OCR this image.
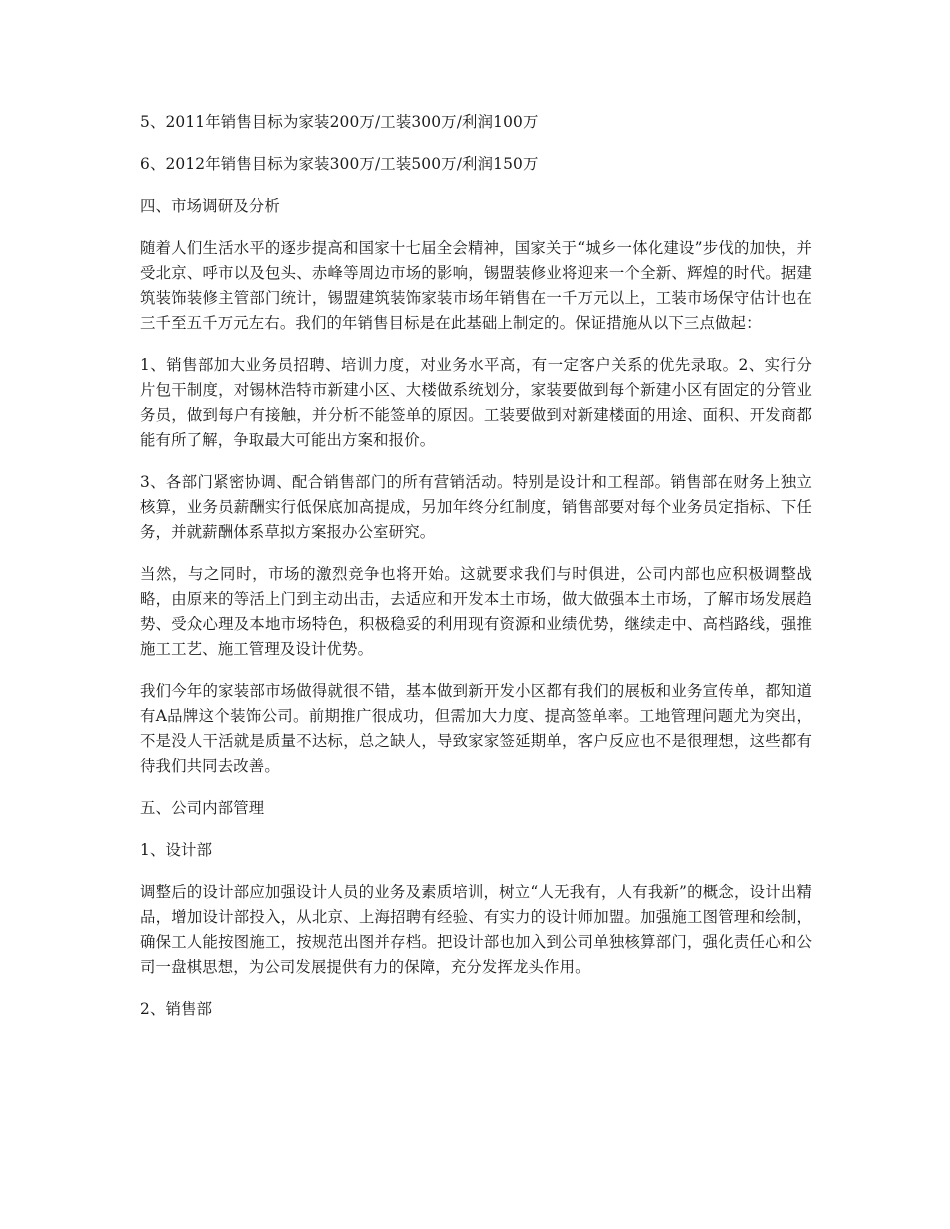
5、2011年销售目标为家装200万/工装300万/利润100万

6、2012年销售目标为家装300万/工装500万/利润150万

四、市场调研及分析

随着人们生活水平的逐步提高和国家十七届全会精神，国家关于“城乡一体化建设”步伐的加快，并受北京、呼市以及包头、赤峰等周边市场的影响，锡盟装修业将迎来一个全新、辉煌的时代。据建筑装饰装修主管部门统计，锡盟建筑装饰家装市场年销售在一千万元以上，工装市场保守估计也在三千至五千万元左右。我们的年销售目标是在此基础上制定的。保证措施从以下三点做起：

1、销售部加大业务员招聘、培训力度，对业务水平高，有一定客户关系的优先录取。2、实行分片包干制度，对锡林浩特市新建小区、大楼做系统划分，家装要做到每个新建小区有固定的分管业务员，做到每户有接触，并分析不能签单的原因。工装要做到对新建楼面的用途、面积、开发商都能有所了解，争取最大可能出方案和报价。

3、各部门紧密协调、配合销售部门的所有营销活动。特别是设计和工程部。销售部在财务上独立核算，业务员薪酬实行低保底加高提成，另加年终分红制度，销售部要对每个业务员定指标、下任务，并就薪酬体系草拟方案报办公室研究。

当然，与之同时，市场的激烈竞争也将开始。这就要求我们与时俱进，公司内部也应积极调整战略，由原来的等活上门到主动出击，去适应和开发本土市场，做大做强本土市场，了解市场发展趋势、受众心理及本地市场特色，积极稳妥的利用现有资源和业绩优势，继续走中、高档路线，强推施工工艺、施工管理及设计优势。

我们今年的家装部市场做得就很不错，基本做到新开发小区都有我们的展板和业务宣传单，都知道有A品牌这个装饰公司。前期推广很成功，但需加大力度、提高签单率。工地管理问题尤为突出，不是没人干活就是质量不达标，总之缺人，导致家家签延期单，客户反应也不是很理想，这些都有待我们共同去改善。

五、公司内部管理

1、设计部

调整后的设计部应加强设计人员的业务及素质培训，树立“人无我有，人有我新”的概念，设计出精品，增加设计部投入，从北京、上海招聘有经验、有实力的设计师加盟。加强施工图管理和绘制，确保工人能按图施工，按规范出图并存档。把设计部也加入到公司单独核算部门，强化责任心和公司一盘棋思想，为公司发展提供有力的保障，充分发挥龙头作用。

2、销售部
